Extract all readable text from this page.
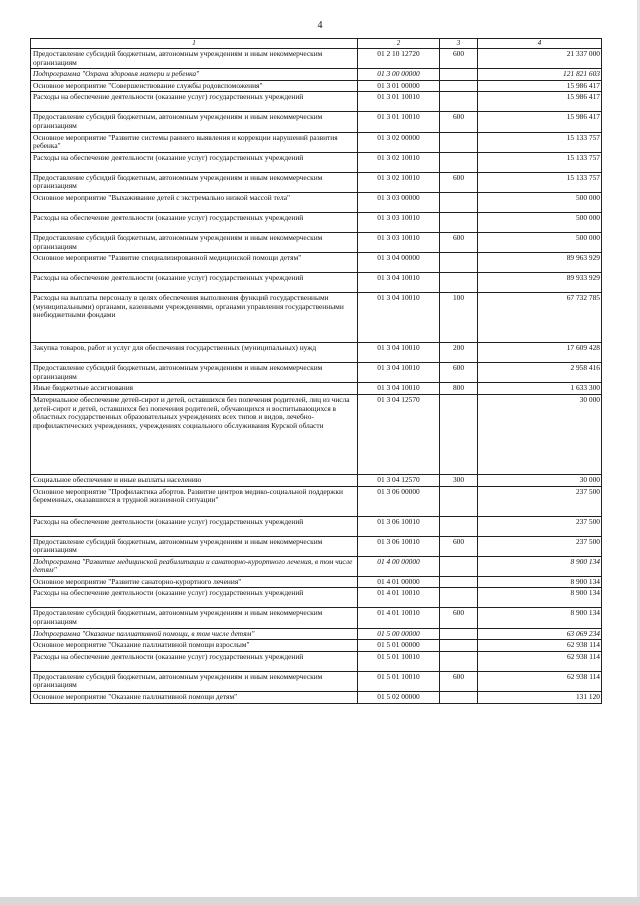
4
1	2	3	4
Предоставление субсидий бюджетным, автономным учреждениям и иным некоммерческим организациям	01 2 10 12720	600	21 337 000
Подпрограмма "Охрана здоровья матери и ребенка"	01 3 00 00000		121 821 603
Основное мероприятие "Совершенствование службы родовспоможения"	01 3 01 00000		15 986 417
Расходы на обеспечение деятельности (оказание услуг) государственных учреждений	01 3 01 10010		15 986 417
Предоставление субсидий бюджетным, автономным учреждениям и иным некоммерческим организациям	01 3 01 10010	600	15 986 417
Основное мероприятие "Развитие системы раннего выявления и коррекции нарушений развития ребенка"	01 3 02 00000		15 133 757
Расходы на обеспечение деятельности (оказание услуг) государственных учреждений	01 3 02 10010		15 133 757
Предоставление субсидий бюджетным, автономным учреждениям и иным некоммерческим организациям	01 3 02 10010	600	15 133 757
Основное мероприятие "Выхаживание детей с экстремально низкой массой тела"	01 3 03 00000		500 000
Расходы на обеспечение деятельности (оказание услуг) государственных учреждений	01 3 03 10010		500 000
Предоставление субсидий бюджетным, автономным учреждениям и иным некоммерческим организациям	01 3 03 10010	600	500 000
Основное мероприятие "Развитие специализированной медицинской помощи детям"	01 3 04 00000		89 963 929
Расходы на обеспечение деятельности (оказание услуг) государственных учреждений	01 3 04 10010		89 933 929
Расходы на выплаты персоналу в целях обеспечения выполнения функций государственными (муниципальными) органами, казенными учреждениями, органами управления государственными внебюджетными фондами	01 3 04 10010	100	67 732 785
Закупка товаров, работ и услуг для обеспечения государственных (муниципальных) нужд	01 3 04 10010	200	17 609 428
Предоставление субсидий бюджетным, автономным учреждениям и иным некоммерческим организациям	01 3 04 10010	600	2 958 416
Иные бюджетные ассигнования	01 3 04 10010	800	1 633 300
Материальное обеспечение детей-сирот и детей, оставшихся без попечения родителей, лиц из числа детей-сирот и детей, оставшихся без попечения родителей, обучающихся и воспитывающихся в областных государственных образовательных учреждениях всех типов и видов, лечебно-профилактических учреждениях, учреждениях социального обслуживания Курской области	01 3 04 12570		30 000
Социальное обеспечение и иные выплаты населению	01 3 04 12570	300	30 000
Основное мероприятие "Профилактика абортов. Развитие центров медико-социальной поддержки беременных, оказавшихся в трудной жизненной ситуации"	01 3 06 00000		237 500
Расходы на обеспечение деятельности (оказание услуг) государственных учреждений	01 3 06 10010		237 500
Предоставление субсидий бюджетным, автономным учреждениям и иным некоммерческим организациям	01 3 06 10010	600	237 500
Подпрограмма "Развитие медицинской реабилитации и санаторно-курортного лечения, в том числе детям"	01 4 00 00000		8 900 134
Основное мероприятие "Развитие санаторно-курортного лечения"	01 4 01 00000		8 900 134
Расходы на обеспечение деятельности (оказание услуг) государственных учреждений	01 4 01 10010		8 900 134
Предоставление субсидий бюджетным, автономным учреждениям и иным некоммерческим организациям	01 4 01 10010	600	8 900 134
Подпрограмма "Оказание паллиативной помощи, в том числе детям"	01 5 00 00000		63 069 234
Основное мероприятие "Оказание паллиативной помощи взрослым"	01 5 01 00000		62 938 114
Расходы на обеспечение деятельности (оказание услуг) государственных учреждений	01 5 01 10010		62 938 114
Предоставление субсидий бюджетным, автономным учреждениям и иным некоммерческим организациям	01 5 01 10010	600	62 938 114
Основное мероприятие "Оказание паллиативной помощи детям"	01 5 02 00000		131 120
